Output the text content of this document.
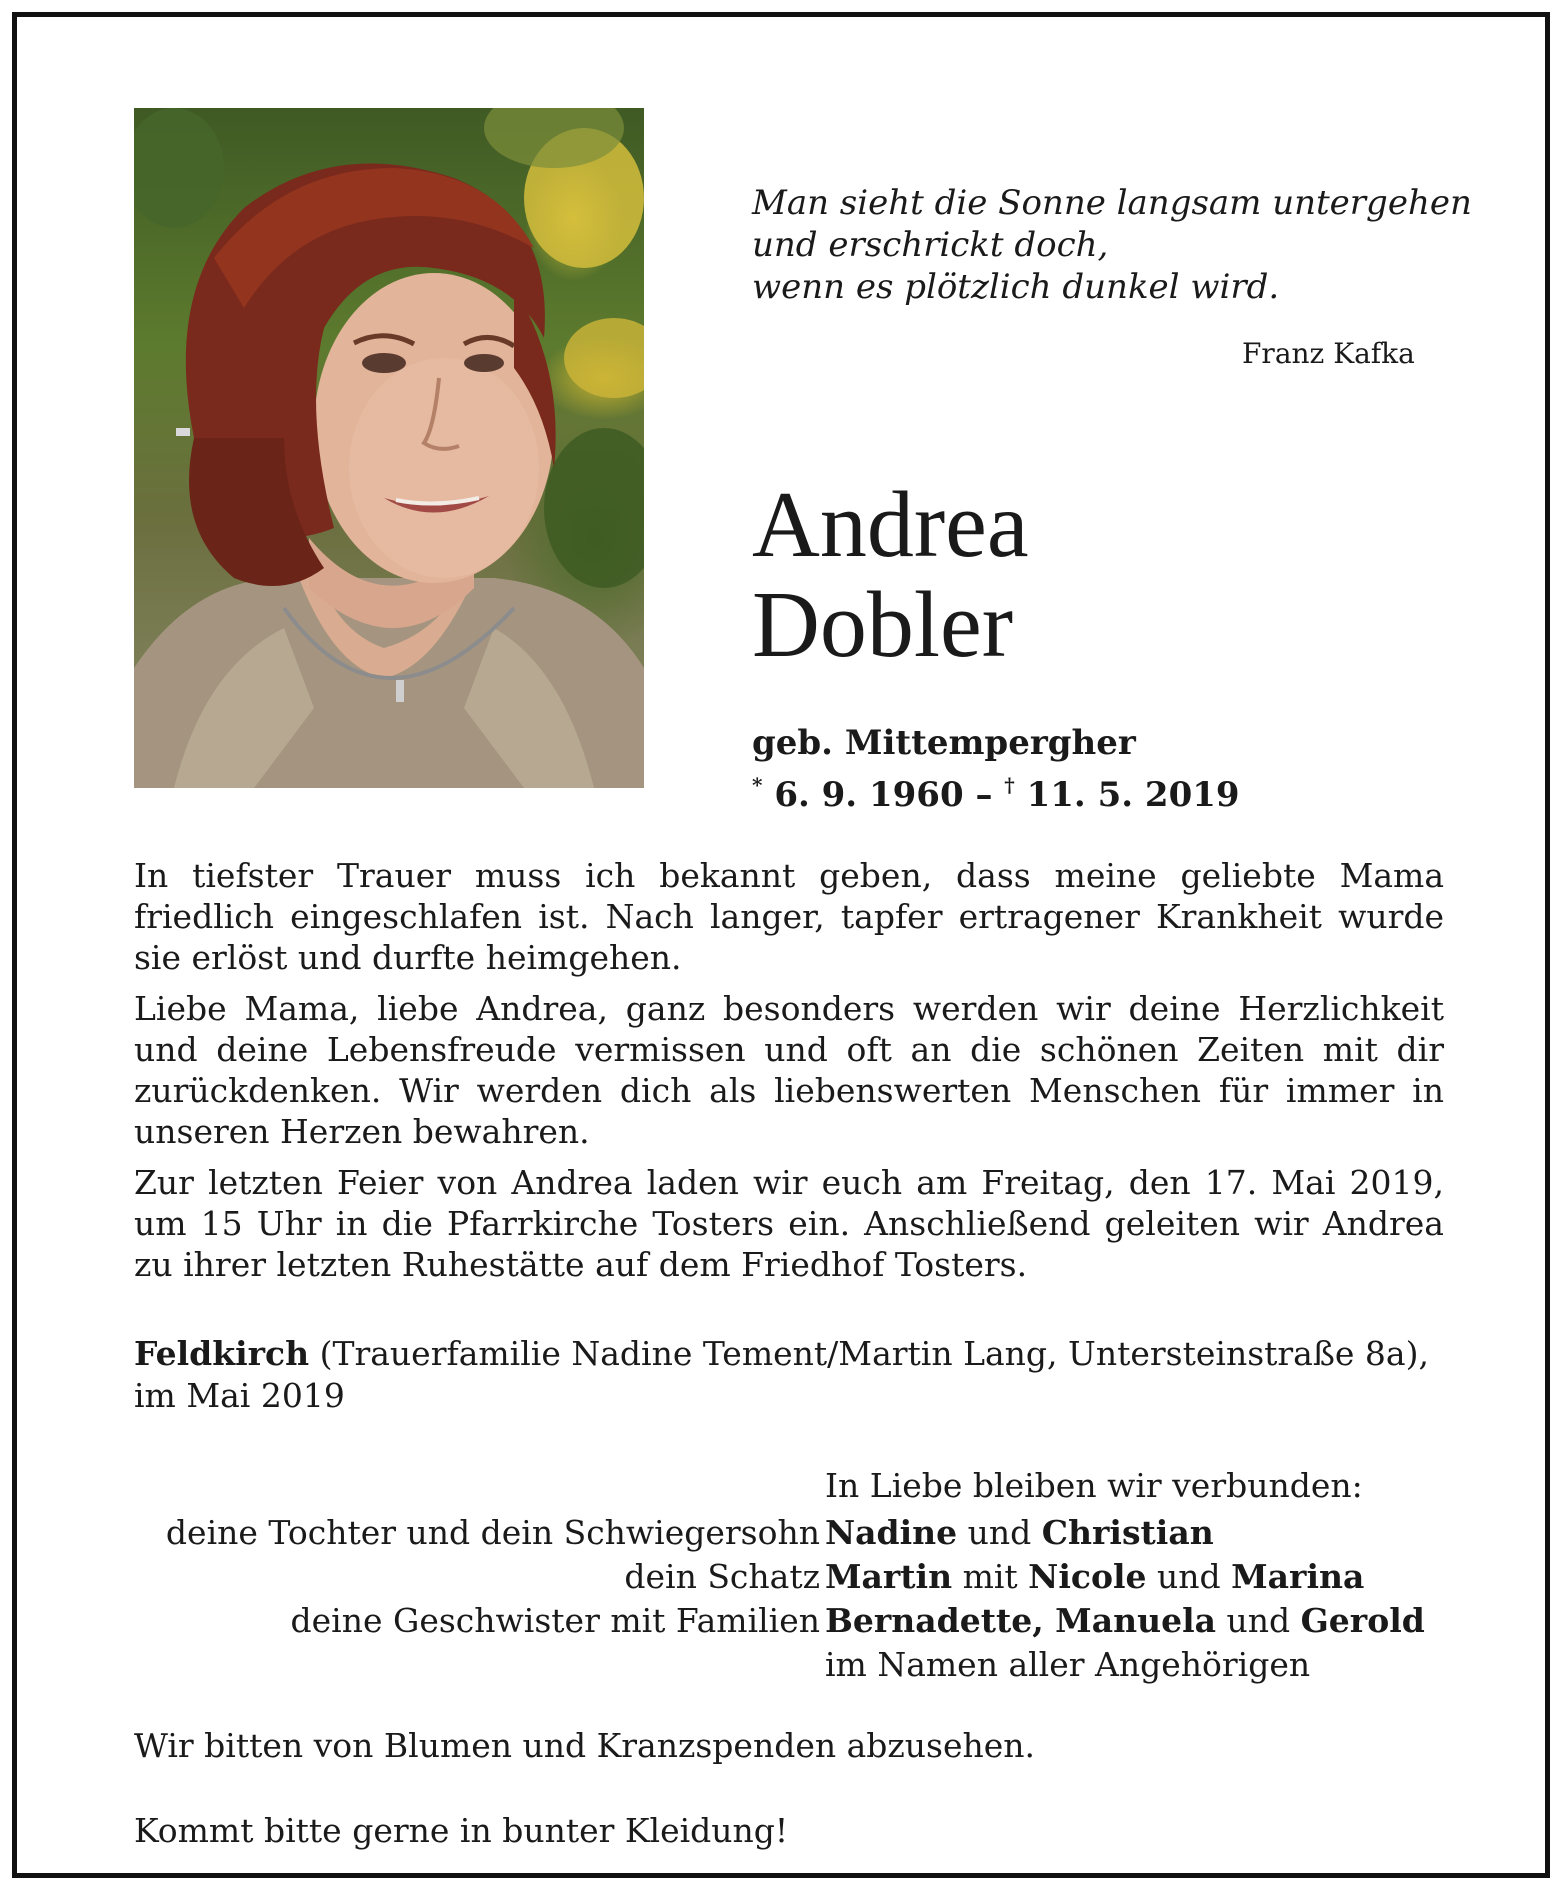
Man sieht die Sonne langsam untergehen
und erschrickt doch,
wenn es plötzlich dunkel wird.
Franz Kafka
Andrea
Dobler
geb. Mittempergher
* 6. 9. 1960 – † 11. 5. 2019

In tiefster Trauer muss ich bekannt geben, dass meine geliebte Mama friedlich eingeschlafen ist. Nach langer, tapfer ertragener Krankheit wurde sie erlöst und durfte heimgehen.

Liebe Mama, liebe Andrea, ganz besonders werden wir deine Herzlichkeit und deine Lebensfreude vermissen und oft an die schönen Zeiten mit dir zurückdenken. Wir werden dich als liebenswerten Menschen für immer in unseren Herzen bewahren.

Zur letzten Feier von Andrea laden wir euch am Freitag, den 17. Mai 2019, um 15 Uhr in die Pfarrkirche Tosters ein. Anschließend geleiten wir Andrea zu ihrer letzten Ruhestätte auf dem Friedhof Tosters.

Feldkirch (Trauerfamilie Nadine Tement/Martin Lang, Untersteinstraße 8a),
im Mai 2019
In Liebe bleiben wir verbunden:
deine Tochter und dein Schwiegersohn Nadine und Christian
dein Schatz Martin mit Nicole und Marina
deine Geschwister mit Familien Bernadette, Manuela und Gerold
im Namen aller Angehörigen
Wir bitten von Blumen und Kranzspenden abzusehen.
Kommt bitte gerne in bunter Kleidung!
